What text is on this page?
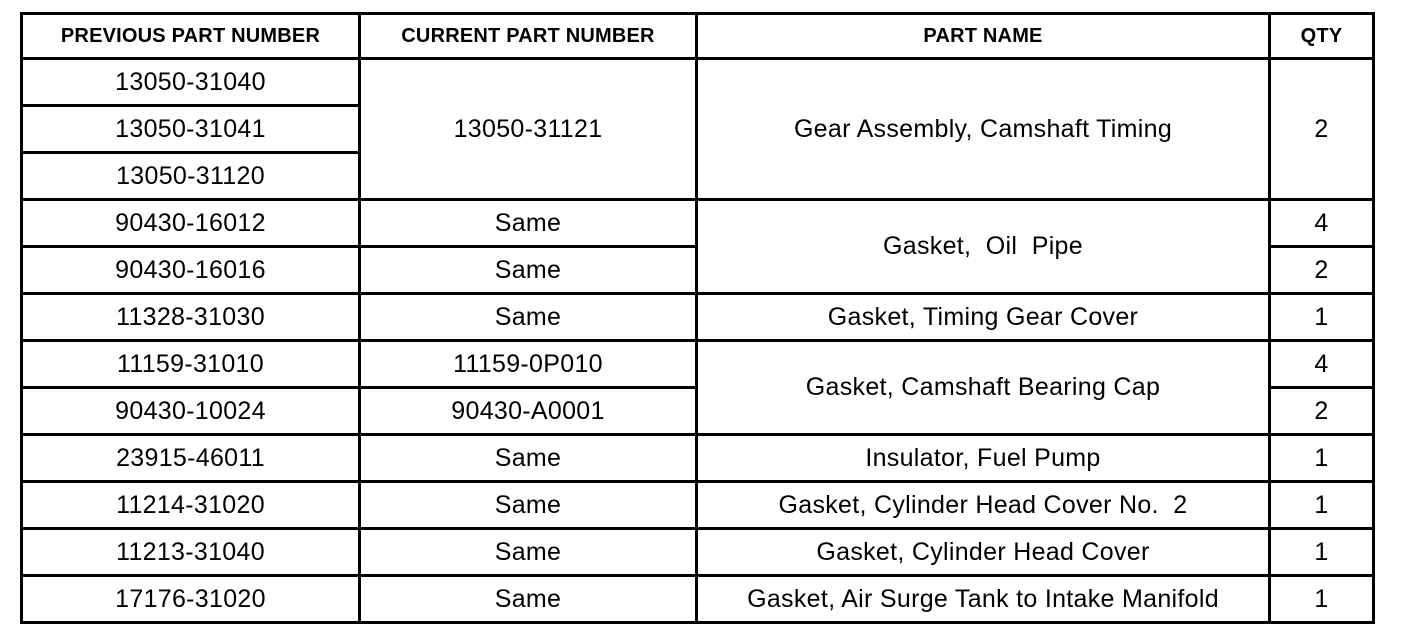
PREVIOUS PART NUMBER	CURRENT PART NUMBER	PART NAME	QTY
13050-31040	13050-31121	Gear Assembly, Camshaft Timing	2
13050-31041			
13050-31120			
90430-16012	Same	Gasket,  Oil  Pipe	4
90430-16016	Same		2
11328-31030	Same	Gasket, Timing Gear Cover	1
11159-31010	11159-0P010	Gasket, Camshaft Bearing Cap	4
90430-10024	90430-A0001		2
23915-46011	Same	Insulator, Fuel Pump	1
11214-31020	Same	Gasket, Cylinder Head Cover No.  2	1
11213-31040	Same	Gasket, Cylinder Head Cover	1
17176-31020	Same	Gasket, Air Surge Tank to Intake Manifold	1
